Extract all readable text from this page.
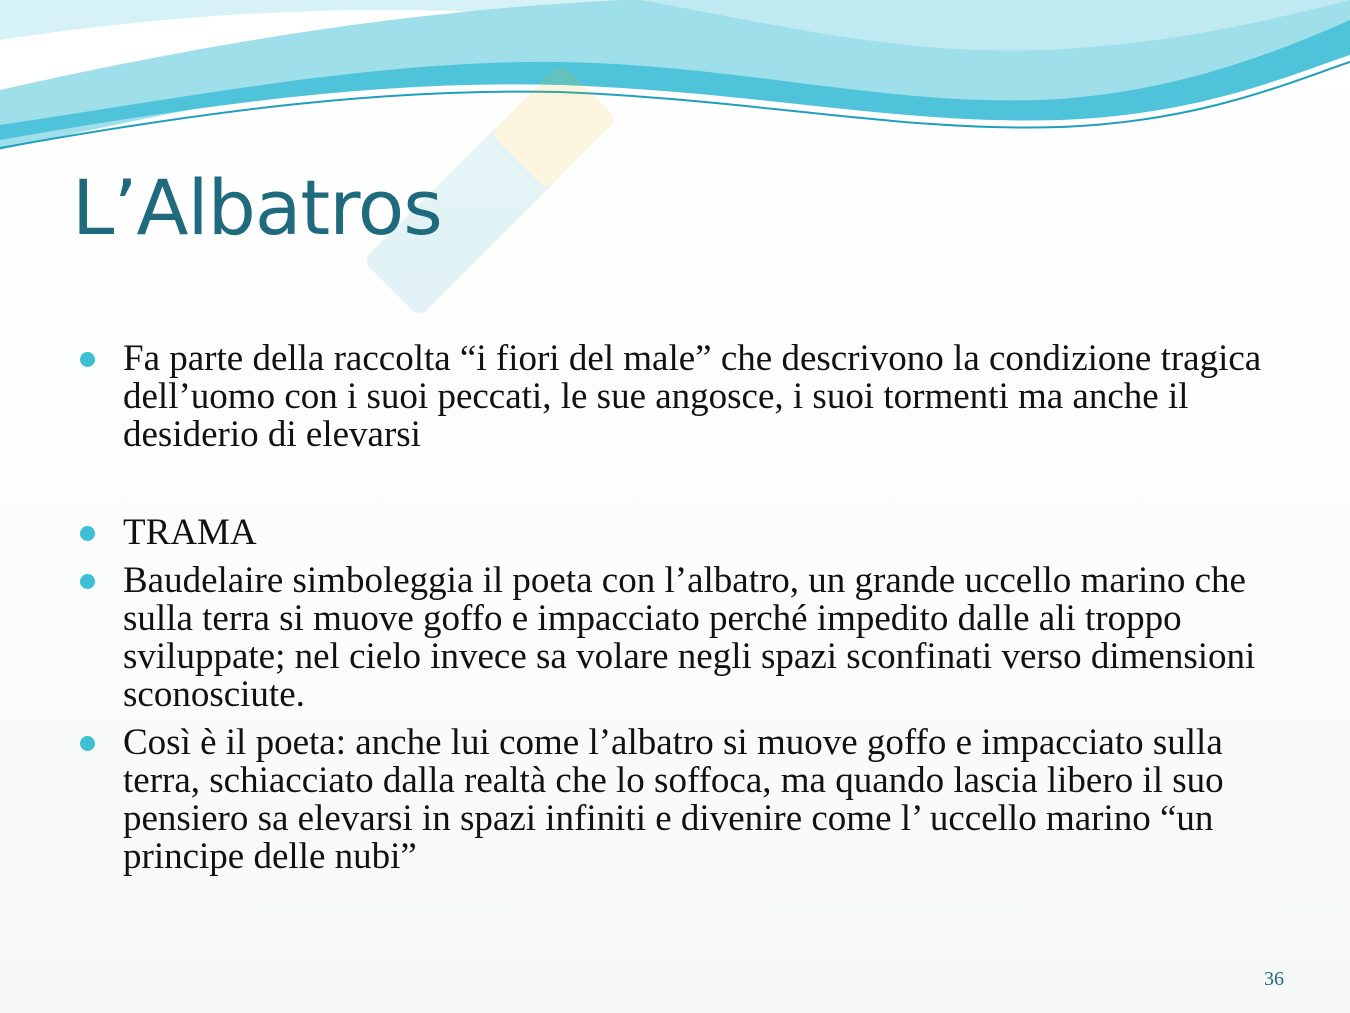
L’Albatros
Fa parte della raccolta “i fiori del male” che descrivono la condizione tragica dell’uomo con i suoi peccati, le sue angosce, i suoi tormenti ma anche il desiderio di elevarsi
TRAMA
Baudelaire simboleggia il poeta con l’albatro, un grande uccello marino che sulla terra si muove goffo e impacciato perché impedito dalle ali troppo sviluppate; nel cielo invece sa volare negli spazi sconfinati verso dimensioni sconosciute.
Così è il poeta: anche lui come l’albatro si muove goffo e impacciato sulla terra, schiacciato dalla realtà che lo soffoca, ma quando lascia libero il suo pensiero sa elevarsi in spazi infiniti e divenire come l’ uccello marino “un principe delle nubi”
36
